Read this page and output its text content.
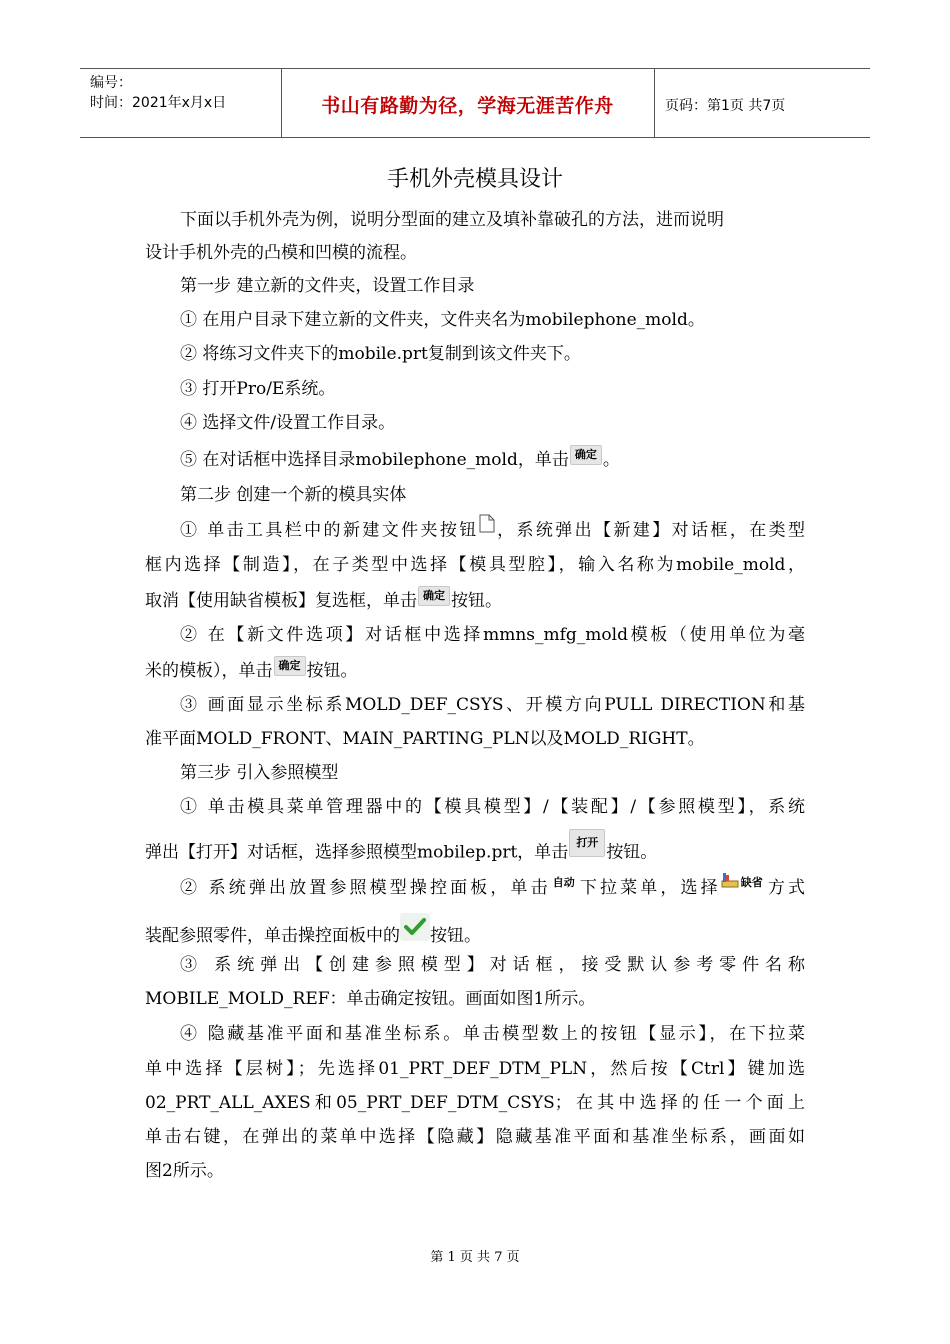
编号：
时间：2021年x月x日	书山有路勤为径，学海无涯苦作舟	页码：第1页 共7页
手机外壳模具设计
下面以手机外壳为例，说明分型面的建立及填补靠破孔的方法，进而说明
设计手机外壳的凸模和凹模的流程。
第一步 建立新的文件夹，设置工作目录
① 在用户目录下建立新的文件夹，文件夹名为mobilephone_mold。
② 将练习文件夹下的mobile.prt复制到该文件夹下。
③ 打开Pro/E系统。
④ 选择文件/设置工作目录。
⑤ 在对话框中选择目录mobilephone_mold，单击 确定 。
第二步 创建一个新的模具实体
① 单击工具栏中的新建文件夹按钮 ，系统弹出【新建】对话框，在类型
框内选择【制造】，在子类型中选择【模具型腔】，输入名称为mobile_mold，
取消【使用缺省模板】复选框，单击 确定 按钮。
② 在【新文件选项】对话框中选择mmns_mfg_mold模板（使用单位为毫
米的模板），单击 确定 按钮。
③ 画面显示坐标系MOLD_DEF_CSYS、开模方向PULL DIRECTION和基
准平面MOLD_FRONT、MAIN_PARTING_PLN以及MOLD_RIGHT。
第三步 引入参照模型
① 单击模具菜单管理器中的【模具模型】/【装配】/【参照模型】，系统
弹出【打开】对话框，选择参照模型mobilep.prt，单击 打开 按钮。
② 系统弹出放置参照模型操控面板，单击 自动 下拉菜单，选择 缺省 方式
装配参照零件，单击操控面板中的 按钮。
③ 系统弹出【创建参照模型】对话框，接受默认参考零件名称
MOBILE_MOLD_REF：单击确定按钮。画面如图1所示。
④ 隐藏基准平面和基准坐标系。单击模型数上的按钮【显示】，在下拉菜
单中选择【层树】；先选择01_PRT_DEF_DTM_PLN，然后按【Ctrl】键加选
02_PRT_ALL_AXES和05_PRT_DEF_DTM_CSYS；在其中选择的任一个面上
单击右键，在弹出的菜单中选择【隐藏】隐藏基准平面和基准坐标系，画面如
图2所示。
第 1 页 共 7 页
